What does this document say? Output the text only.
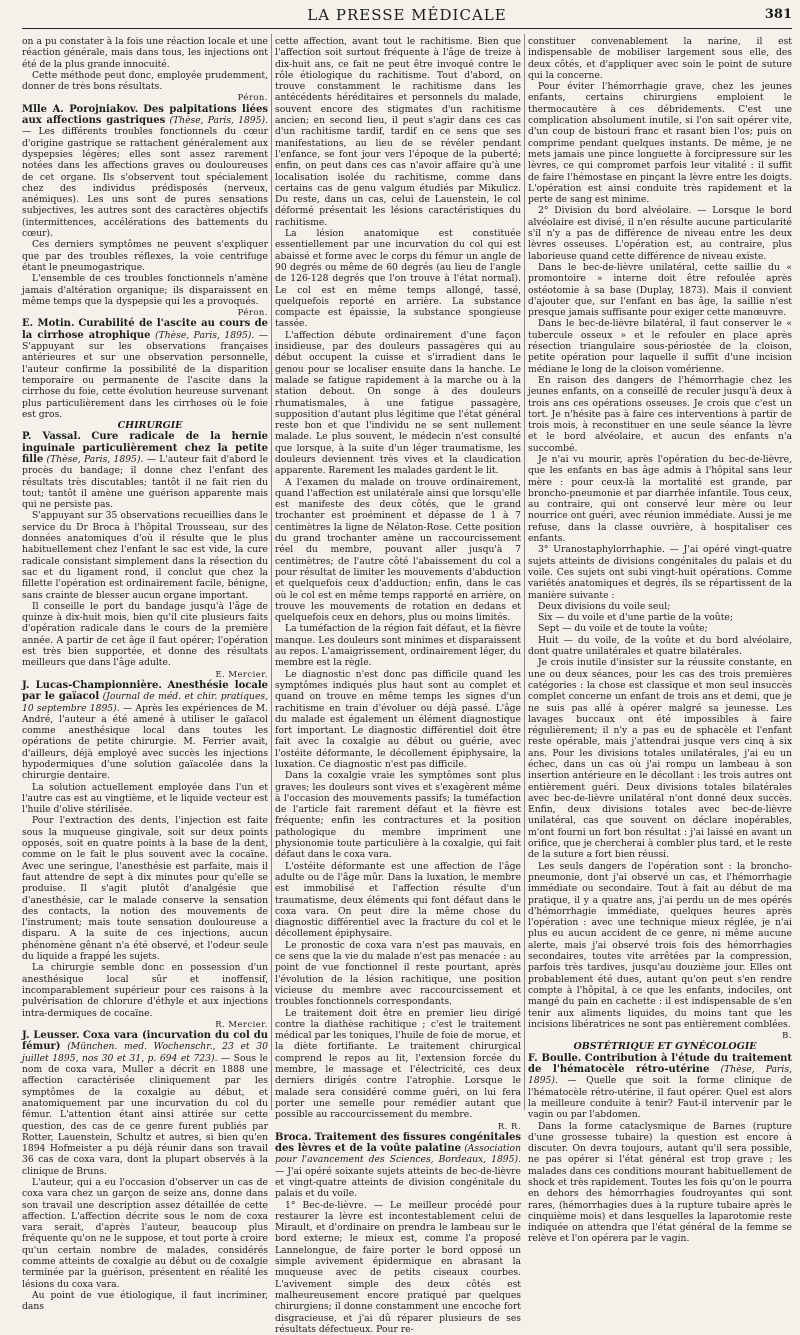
LA PRESSE MÉDICALE	381

on a pu constater à la fois une réaction locale et une réaction générale, mais dans tous, les injections ont été de la plus grande innocuité.

Cette méthode peut donc, employée prudemment, donner de très bons résultats.

Péron.

Mlle A. Porojniakov. Des palpitations liées aux affections gastriques (Thèse, Paris, 1895). — Les différents troubles fonctionnels du cœur d'origine gastrique se rattachent généralement aux dyspepsies légères; elles sont assez rarement notées dans les affections graves ou douloureuses de cet organe. Ils s'observent tout spécialement chez des individus prédisposés (nerveux, anémiques). Les uns sont de pures sensations subjectives, les autres sont des caractères objectifs (intermittences, accélérations des battements du cœur).

Ces derniers symptômes ne peuvent s'expliquer que par des troubles réflexes, la voie centrifuge étant le pneumogastrique.

L'ensemble de ces troubles fonctionnels n'amène jamais d'altération organique; ils disparaissent en même temps que la dyspepsie qui les a provoqués.

Péron.

E. Motin. Curabilité de l'ascite au cours de la cirrhose atrophique (Thèse, Paris, 1895). — S'appuyant sur les observations françaises antérieures et sur une observation personnelle, l'auteur confirme la possibilité de la disparition temporaire ou permanente de l'ascite dans la cirrhose du foie, cette évolution heureuse survenant plus particulièrement dans les cirrhoses où le foie est gros.

CHIRURGIE

P. Vassal. Cure radicale de la hernie inguinale particulièrement chez la petite fille (Thèse, Paris, 1895). — L'auteur fait d'abord le procès du bandage; il donne chez l'enfant des résultats très discutables; tantôt il ne fait rien du tout; tantôt il amène une guérison apparente mais qui ne persiste pas.

S'appuyant sur 35 observations recueillies dans le service du Dr Broca à l'hôpital Trousseau, sur des données anatomiques d'où il résulte que le plus habituellement chez l'enfant le sac est vide, la cure radicale consistant simplement dans la résection du sac et du ligament rond, il conclut que chez la fillette l'opération est ordinairement facile, bénigne, sans crainte de blesser aucun organe important.

Il conseille le port du bandage jusqu'à l'âge de quinze à dix-huit mois, bien qu'il cite plusieurs faits d'opération radicale dans le cours de la première année. A partir de cet âge il faut opérer; l'opération est très bien supportée, et donne des résultats meilleurs que dans l'âge adulte.

E. Mercier.

J. Lucas-Championnière. Anesthésie locale par le gaïacol (Journal de méd. et chir. pratiques, 10 septembre 1895). — Après les expériences de M. André, l'auteur a été amené à utiliser le gaïacol comme anesthésique local dans toutes les opérations de petite chirurgie. M. Ferrier avait, d'ailleurs, déjà employé avec succès les injections hypodermiques d'une solution gaïacolée dans la chirurgie dentaire.

La solution actuellement employée dans l'un et l'autre cas est au vingtième, et le liquide vecteur est l'huile d'olive stérilisée.

Pour l'extraction des dents, l'injection est faite sous la muqueuse gingivale, soit sur deux points opposés, soit en quatre points à la base de la dent, comme on le fait le plus souvent avec la cocaïne. Avec une seringue, l'anesthésie est parfaite, mais il faut attendre de sept à dix minutes pour qu'elle se produise. Il s'agit plutôt d'analgésie que d'anesthésie, car le malade conserve la sensation des contacts, la notion des mouvements de l'instrument; mais toute sensation douloureuse a disparu. A la suite de ces injections, aucun phénomène gênant n'a été observé, et l'odeur seule du liquide a frappé les sujets.

La chirurgie semble donc en possession d'un anesthésique local sûr et inoffensif, incomparablement supérieur pour ces raisons à la pulvérisation de chlorure d'éthyle et aux injections intra-dermiques de cocaïne.

R. Mercier.

J. Leusser. Coxa vara (incurvation du col du fémur) (München. med. Wochenschr., 23 et 30 juillet 1895, nos 30 et 31, p. 694 et 723). — Sous le nom de coxa vara, Muller a décrit en 1888 une affection caractérisée cliniquement par les symptômes de la coxalgie au début, et anatomiquement par une incurvation du col du fémur. L'attention étant ainsi attirée sur cette question, des cas de ce genre furent publiés par Rotter, Lauenstein, Schultz et autres, si bien qu'en 1894 Hofmeister a pu déjà réunir dans son travail 36 cas de coxa vara, dont la plupart observés à la clinique de Bruns.

L'auteur, qui a eu l'occasion d'observer un cas de coxa vara chez un garçon de seize ans, donne dans son travail une description assez détaillée de cette affection. L'affection décrite sous le nom de coxa vara serait, d'après l'auteur, beaucoup plus fréquente qu'on ne le suppose, et tout porte à croire qu'un certain nombre de malades, considérés comme atteints de coxalgie au début ou de coxalgie terminée par la guérison, présentent en réalité les lésions du coxa vara.

Au point de vue étiologique, il faut incriminer, dans

cette affection, avant tout le rachitisme. Bien que l'affection soit surtout fréquente à l'âge de treize à dix-huit ans, ce fait ne peut être invoqué contre le rôle étiologique du rachitisme. Tout d'abord, on trouve constamment le rachitisme dans les antécédents héréditaires et personnels du malade, souvent encore des stigmates d'un rachitisme ancien; en second lieu, il peut s'agir dans ces cas d'un rachitisme tardif, tardif en ce sens que ses manifestations, au lieu de se révéler pendant l'enfance, se font jour vers l'époque de la puberté; enfin, on peut dans ces cas n'avoir affaire qu'à une localisation isolée du rachitisme, comme dans certains cas de genu valgum étudiés par Mikulicz. Du reste, dans un cas, celui de Lauenstein, le col déformé présentait les lésions caractéristiques du rachitisme.

La lésion anatomique est constituée essentiellement par une incurvation du col qui est abaissé et forme avec le corps du fémur un angle de 90 degrés ou même de 60 degrés (au lieu de l'angle de 126-128 degrés que l'on trouve à l'état normal). Le col est en même temps allongé, tassé, quelquefois reporté en arrière. La substance compacte est épaissie, la substance spongieuse tassée.

L'affection débute ordinairement d'une façon insidieuse, par des douleurs passagères qui au début occupent la cuisse et s'irradient dans le genou pour se localiser ensuite dans la hanche. Le malade se fatigue rapidement à la marche ou à la station debout. On songe à des douleurs rhumatismales, à une fatigue passagère, supposition d'autant plus légitime que l'état général reste bon et que l'individu ne se sent nullement malade. Le plus souvent, le médecin n'est consulté que lorsque, à la suite d'un léger traumatisme, les douleurs deviennent très vives et la claudication apparente. Rarement les malades gardent le lit.

A l'examen du malade on trouve ordinairement, quand l'affection est unilatérale ainsi que lorsqu'elle est manifeste des deux côtés, que le grand trochanter est proéminent et dépasse de 1 à 7 centimètres la ligne de Nélaton-Rose. Cette position du grand trochanter amène un raccourcissement réel du membre, pouvant aller jusqu'à 7 centimètres; de l'autre côté l'abaissement du col a pour résultat de limiter les mouvements d'abduction et quelquefois ceux d'adduction; enfin, dans le cas où le col est en même temps rapporté en arrière, on trouve les mouvements de rotation en dedans et quelquefois ceux en dehors, plus ou moins limités.

La tuméfaction de la région fait défaut, et la fièvre manque. Les douleurs sont minimes et disparaissent au repos. L'amaigrissement, ordinairement léger, du membre est la règle.

Le diagnostic n'est donc pas difficile quand les symptômes indiqués plus haut sont au complet et quand on trouve en même temps les signes d'un rachitisme en train d'évoluer ou déjà passé. L'âge du malade est également un élément diagnostique fort important. Le diagnostic différentiel doit être fait avec la coxalgie au début ou guérie, avec l'ostéite déformante, le décollement épiphysaire, la luxation. Ce diagnostic n'est pas difficile.

Dans la coxalgie vraie les symptômes sont plus graves; les douleurs sont vives et s'exagèrent même à l'occasion des mouvements passifs; la tuméfaction de l'article fait rarement défaut et la fièvre est fréquente; enfin les contractures et la position pathologique du membre impriment une physionomie toute particulière à la coxalgie, qui fait défaut dans le coxa vara.

L'ostéite déformante est une affection de l'âge adulte ou de l'âge mûr. Dans la luxation, le membre est immobilisé et l'affection résulte d'un traumatisme, deux éléments qui font défaut dans le coxa vara. On peut dire la même chose du diagnostic différentiel avec la fracture du col et le décollement épiphysaire.

Le pronostic de coxa vara n'est pas mauvais, en ce sens que la vie du malade n'est pas menacée : au point de vue fonctionnel il reste pourtant, après l'évolution de la lésion rachitique, une position vicieuse du membre avec raccourcissement et troubles fonctionnels correspondants.

Le traitement doit être en premier lieu dirigé contre la diathèse rachitique ; c'est le traitement médical par les toniques, l'huile de foie de morue, et la diète fortifiante. Le traitement chirurgical comprend le repos au lit, l'extension forcée du membre, le massage et l'électricité, ces deux derniers dirigés contre l'atrophie. Lorsque le malade sera considéré comme guéri, on lui fera porter une semelle pour remédier autant que possible au raccourcissement du membre.

R. R.

Broca. Traitement des fissures congénitales des lèvres et de la voûte palatine (Association pour l'avancement des Sciences, Bordeaux, 1895). — J'ai opéré soixante sujets atteints de bec-de-lièvre et vingt-quatre atteints de division congénitale du palais et du voile.

1° Bec-de-lièvre. — Le meilleur procédé pour restaurer la lèvre est incontestablement celui de Mirault, et d'ordinaire on prendra le lambeau sur le bord externe; le mieux est, comme l'a proposé Lannelongue, de faire porter le bord opposé un simple avivement épidermique en abrasant la muqueuse avec de petits ciseaux courbes. L'avivement simple des deux côtés est malheureusement encore pratiqué par quelques chirurgiens; il donne constamment une encoche fort disgracieuse, et j'ai dû réparer plusieurs de ses résultats défectueux. Pour re-

constituer convenablement la narine, il est indispensable de mobiliser largement sous elle, des deux côtés, et d'appliquer avec soin le point de suture qui la concerne.

Pour éviter l'hémorrhagie grave, chez les jeunes enfants, certains chirurgiens emploient le thermocautère à ces débridements. C'est une complication absolument inutile, si l'on sait opérer vite, d'un coup de bistouri franc et rasant bien l'os; puis on comprime pendant quelques instants. De même, je ne mets jamais une pince longuette à forcipressure sur les lèvres, ce qui compromet parfois leur vitalité : il suffit de faire l'hémostase en pinçant la lèvre entre les doigts. L'opération est ainsi conduite très rapidement et la perte de sang est minime.

2° Division du bord alvéolaire. — Lorsque le bord alvéolaire est divisé, il n'en résulte aucune particularité s'il n'y a pas de différence de niveau entre les deux lèvres osseuses. L'opération est, au contraire, plus laborieuse quand cette différence de niveau existe.

Dans le bec-de-lièvre unilatéral, cette saillie du « promontoire » interne doit être refoulée après ostéotomie à sa base (Duplay, 1873). Mais il convient d'ajouter que, sur l'enfant en bas âge, la saillie n'est presque jamais suffisante pour exiger cette manœuvre.

Dans le bec-de-lièvre bilatéral, il faut conserver le « tubercule osseux » et le refouler en place après résection triangulaire sous-périostée de la cloison, petite opération pour laquelle il suffit d'une incision médiane le long de la cloison vomérienne.

En raison des dangers de l'hémorrhagie chez les jeunes enfants, on a conseillé de reculer jusqu'à deux à trois ans ces opérations osseuses. Je crois que c'est un tort. Je n'hésite pas à faire ces interventions à partir de trois mois, à reconstituer en une seule séance la lèvre et le bord alvéolaire, et aucun des enfants n'a succombé.

Je n'ai vu mourir, après l'opération du bec-de-lièvre, que les enfants en bas âge admis à l'hôpital sans leur mère : pour ceux-là la mortalité est grande, par broncho-pneumonie et par diarrhée infantile. Tous ceux, au contraire, qui ont conservé leur mère ou leur nourrice ont guéri, avec réunion immédiate. Aussi je me refuse, dans la classe ouvrière, à hospitaliser ces enfants.

3° Uranostaphylorrhaphie. — J'ai opéré vingt-quatre sujets atteints de divisions congénitales du palais et du voile. Ces sujets ont subi vingt-huit opérations. Comme variétés anatomiques et degrés, ils se répartissent de la manière suivante :

Deux divisions du voile seul;

Six — du voile et d'une partie de la voûte;

Sept — du voile et de toute la voûte;

Huit — du voile, de la voûte et du bord alvéolaire, dont quatre unilatérales et quatre bilatérales.

Je crois inutile d'insister sur la réussite constante, en une ou deux séances, pour les cas des trois premières catégories : la chose est classique et mon seul insuccès complet concerne un enfant de trois ans et demi, que je ne suis pas allé à opérer malgré sa jeunesse. Les lavages buccaux ont été impossibles à faire régulièrement; il n'y a pas eu de sphacèle et l'enfant reste opérable, mais j'attendrai jusque vers cinq à six ans. Pour les divisions totales unilatérales, j'ai eu un échec, dans un cas où j'ai rompu un lambeau à son insertion antérieure en le décollant : les trois autres ont entièrement guéri. Deux divisions totales bilatérales avec bec-de-lièvre unilatéral n'ont donné deux succès. Enfin, deux divisions totales avec bec-de-lièvre unilatéral, cas que souvent on déclare inopérables, m'ont fourni un fort bon résultat : j'ai laissé en avant un orifice, que je chercherai à combler plus tard, et le reste de la suture a fort bien réussi.

Les seuls dangers de l'opération sont : la broncho-pneumonie, dont j'ai observé un cas, et l'hémorrhagie immédiate ou secondaire. Tout à fait au début de ma pratique, il y a quatre ans, j'ai perdu un de mes opérés d'hémorrhagie immédiate, quelques heures après l'opération : avec une technique mieux réglée, je n'ai plus eu aucun accident de ce genre, ni même aucune alerte, mais j'ai observé trois fois des hémorrhagies secondaires, toutes vite arrêtées par la compression, parfois très tardives, jusqu'au douzième jour. Elles ont probablement été dues, autant qu'on peut s'en rendre compte à l'hôpital, à ce que les enfants, indociles, ont mangé du pain en cachette : il est indispensable de s'en tenir aux aliments liquides, du moins tant que les incisions libératrices ne sont pas entièrement comblées.

B.

OBSTÉTRIQUE ET GYNÉCOLOGIE

F. Boulle. Contribution à l'étude du traitement de l'hématocèle rétro-utérine (Thèse, Paris, 1895). — Quelle que soit la forme clinique de l'hématocèle rétro-utérine, il faut opérer. Quel est alors la meilleure conduite à tenir? Faut-il intervenir par le vagin ou par l'abdomen.

Dans la forme cataclysmique de Barnes (rupture d'une grossesse tubaire) la question est encore à discuter. On devra toujours, autant qu'il sera possible, ne pas opérer si l'état général est trop grave ; les malades dans ces conditions mourant habituellement de shock et très rapidement. Toutes les fois qu'on le pourra en dehors des hémorrhagies foudroyantes qui sont rares, (hémorrhagies dues à la rupture tubaire après le cinquième mois) et dans lesquelles la laparotomie reste indiquée on attendra que l'état général de la femme se relève et l'on opérera par le vagin.
